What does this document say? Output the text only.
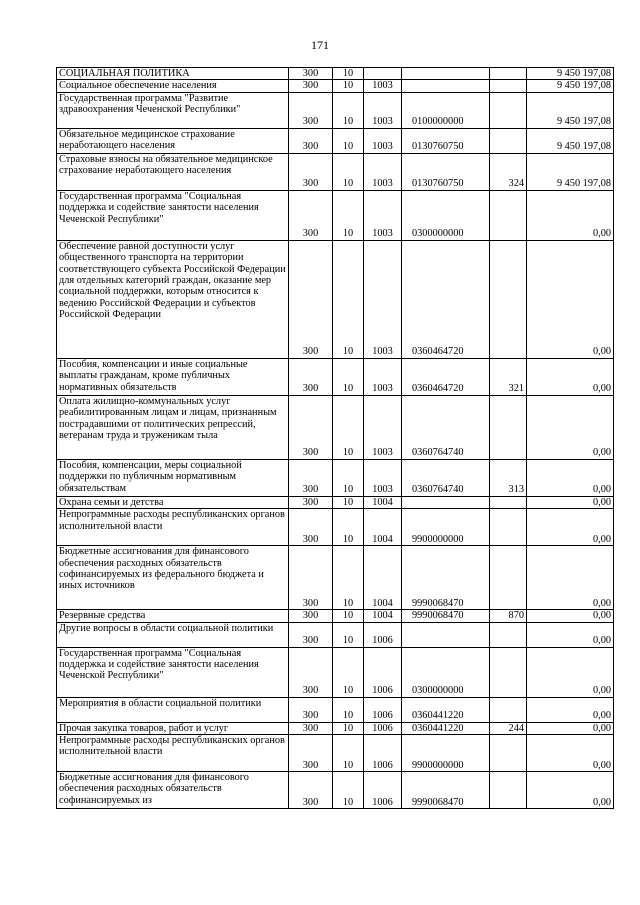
171
СОЦИАЛЬНАЯ ПОЛИТИКА	300	10				9 450 197,08
Социальное обеспечение населения	300	10	1003			9 450 197,08
Государственная программа "Развитие здравоохранения Чеченской Республики"	300	10	1003	0100000000		9 450 197,08
Обязательное медицинское страхование неработающего населения	300	10	1003	0130760750		9 450 197,08
Страховые взносы на обязательное медицинское страхование неработающего населения	300	10	1003	0130760750	324	9 450 197,08
Государственная программа "Социальная поддержка и содействие занятости населения Чеченской Республики"	300	10	1003	0300000000		0,00
Обеспечение равной доступности услуг общественного транспорта на территории соответствующего субъекта Российской Федерации для отдельных категорий граждан, оказание мер социальной поддержки, которым относится к ведению Российской Федерации и субъектов Российской Федерации	300	10	1003	0360464720		0,00
Пособия, компенсации и иные социальные выплаты гражданам, кроме публичных нормативных обязательств	300	10	1003	0360464720	321	0,00
Оплата жилищно-коммунальных услуг реабилитированным лицам и лицам, признанным пострадавшими от политических репрессий, ветеранам труда и труженикам тыла	300	10	1003	0360764740		0,00
Пособия, компенсации, меры социальной поддержки по публичным нормативным обязательствам	300	10	1003	0360764740	313	0,00
Охрана семьи и детства	300	10	1004			0,00
Непрограммные расходы республиканских органов исполнительной власти	300	10	1004	9900000000		0,00
Бюджетные ассигнования для финансового обеспечения расходных обязательств софинансируемых из федерального бюджета и иных источников	300	10	1004	9990068470		0,00
Резервные средства	300	10	1004	9990068470	870	0,00
Другие вопросы в области социальной политики	300	10	1006			0,00
Государственная программа "Социальная поддержка и содействие занятости населения Чеченской Республики"	300	10	1006	0300000000		0,00
Мероприятия в области социальной политики	300	10	1006	0360441220		0,00
Прочая закупка товаров, работ и услуг	300	10	1006	0360441220	244	0,00
Непрограммные расходы республиканских органов исполнительной власти	300	10	1006	9900000000		0,00
Бюджетные ассигнования для финансового обеспечения расходных обязательств софинансируемых из	300	10	1006	9990068470		0,00
